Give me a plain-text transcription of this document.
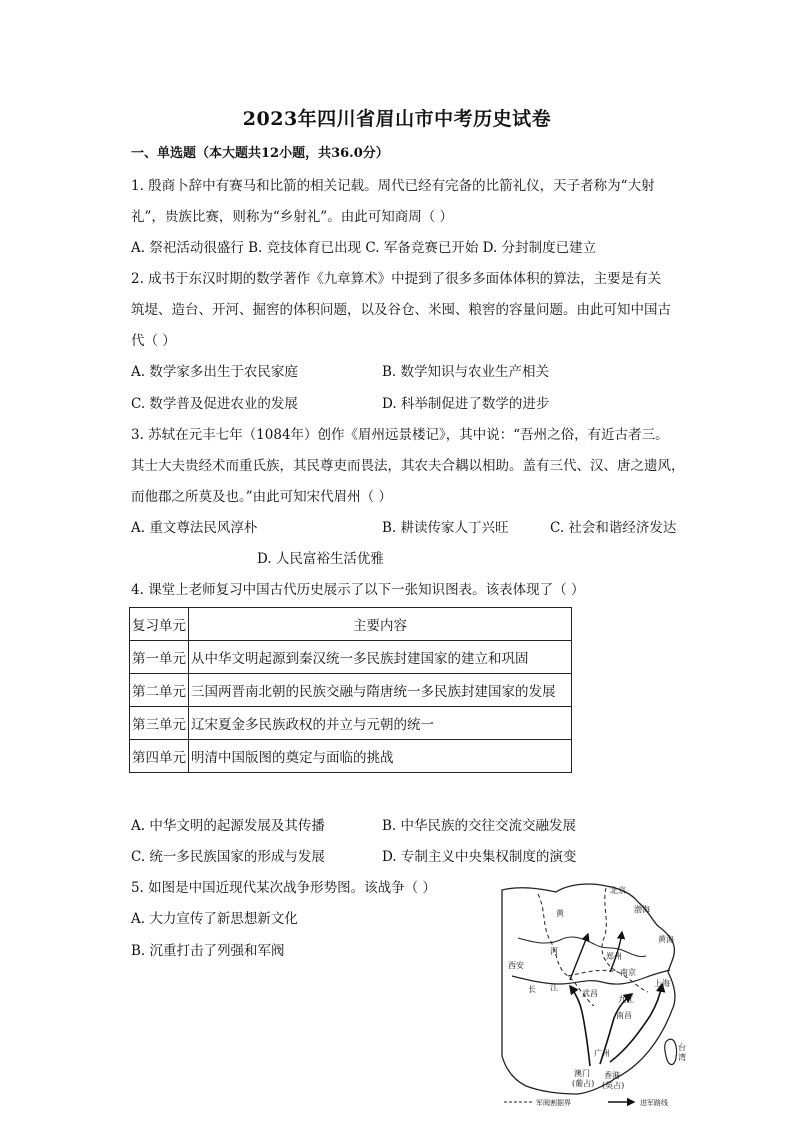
2023年四川省眉山市中考历史试卷
一、单选题（本大题共12小题，共36.0分）
1. 殷商卜辞中有赛马和比箭的相关记载。周代已经有完备的比箭礼仪，天子者称为“大射
礼”，贵族比赛，则称为“乡射礼”。由此可知商周（ ）
A. 祭祀活动很盛行 B. 竞技体育已出现 C. 军备竞赛已开始 D. 分封制度已建立
2. 成书于东汉时期的数学著作《九章算术》中提到了很多多面体体积的算法，主要是有关
筑堤、造台、开河、掘窖的体积问题，以及谷仓、米囤、粮窖的容量问题。由此可知中国古
代（ ）
A. 数学家多出生于农民家庭	B. 数学知识与农业生产相关
C. 数学普及促进农业的发展	D. 科举制促进了数学的进步
3. 苏轼在元丰七年（1084年）创作《眉州远景楼记》，其中说：“吾州之俗，有近古者三。
其士大夫贵经术而重氏族，其民尊吏而畏法，其农夫合耦以相助。盖有三代、汉、唐之遗风，
而他郡之所莫及也。”由此可知宋代眉州（ ）
A. 重文尊法民风淳朴	B. 耕读传家人丁兴旺	C. 社会和谐经济发达
D. 人民富裕生活优雅
4. 课堂上老师复习中国古代历史展示了以下一张知识图表。该表体现了（ ）
复习单元	主要内容
第一单元	从中华文明起源到秦汉统一多民族封建国家的建立和巩固
第二单元	三国两晋南北朝的民族交融与隋唐统一多民族封建国家的发展
第三单元	辽宋夏金多民族政权的并立与元朝的统一
第四单元	明清中国版图的奠定与面临的挑战
A. 中华文明的起源发展及其传播	B. 中华民族的交往交流交融发展
C. 统一多民族国家的形成与发展	D. 专制主义中央集权制度的演变
5. 如图是中国近现代某次战争形势图。该战争（ ）
A. 大力宣传了新思想新文化
B. 沉重打击了列强和军阀
北京
渤海
黄
河
西安
郑州
南京
黄海
上海
长 江
武昌
九江
南昌
广州
香港
澳门
台
湾
(葡占) (英占)
军阀割据界	进军路线
